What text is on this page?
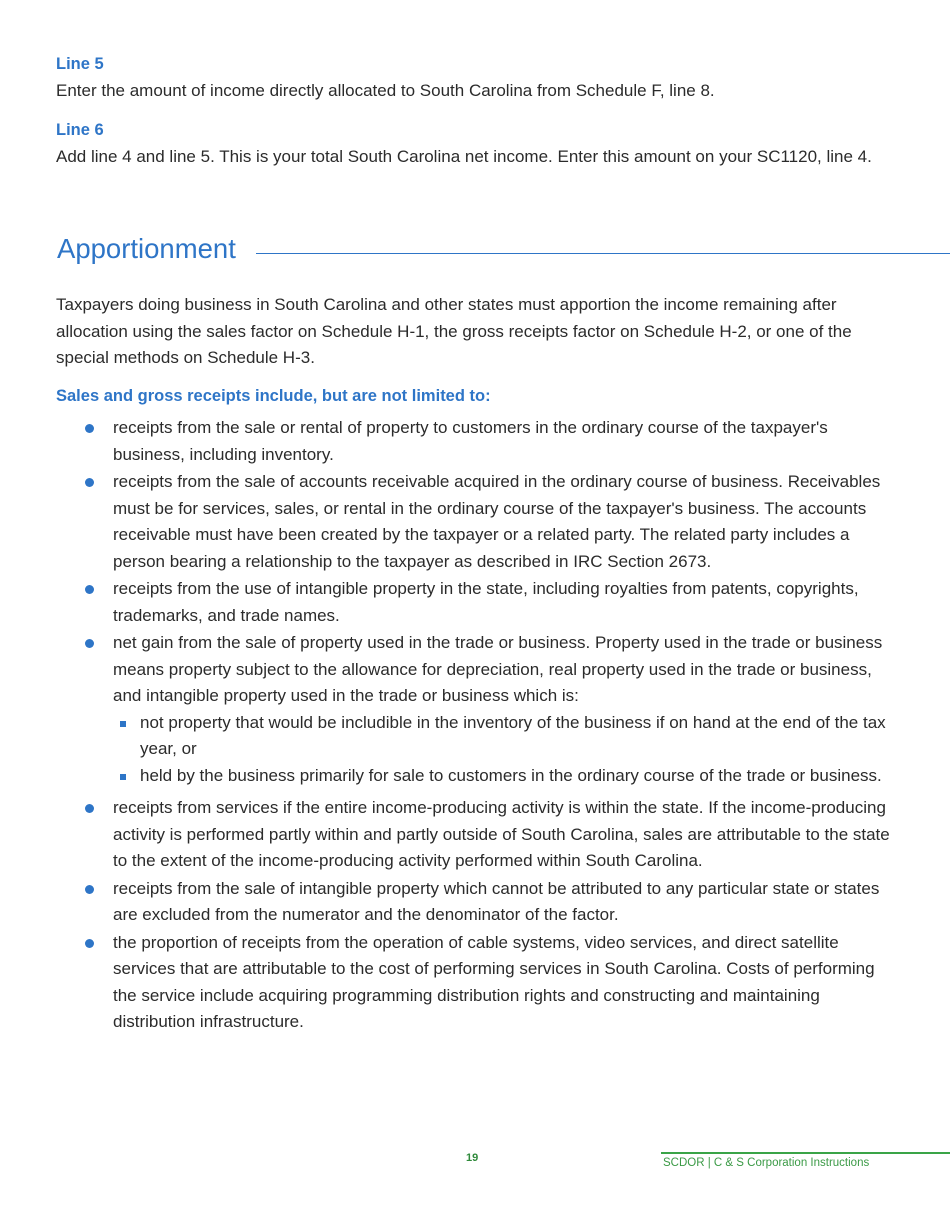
Line 5

Enter the amount of income directly allocated to South Carolina from Schedule F, line 8.

Line 6

Add line 4 and line 5. This is your total South Carolina net income. Enter this amount on your SC1120, line 4.

Apportionment

Taxpayers doing business in South Carolina and other states must apportion the income remaining after allocation using the sales factor on Schedule H-1, the gross receipts factor on Schedule H-2, or one of the special methods on Schedule H-3.

Sales and gross receipts include, but are not limited to:

receipts from the sale or rental of property to customers in the ordinary course of the taxpayer's business, including inventory.
receipts from the sale of accounts receivable acquired in the ordinary course of business. Receivables must be for services, sales, or rental in the ordinary course of the taxpayer's business. The accounts receivable must have been created by the taxpayer or a related party. The related party includes a person bearing a relationship to the taxpayer as described in IRC Section 2673.
receipts from the use of intangible property in the state, including royalties from patents, copyrights, trademarks, and trade names.
net gain from the sale of property used in the trade or business. Property used in the trade or business means property subject to the allowance for depreciation, real property used in the trade or business, and intangible property used in the trade or business which is:
not property that would be includible in the inventory of the business if on hand at the end of the tax year, or
held by the business primarily for sale to customers in the ordinary course of the trade or business.
receipts from services if the entire income-producing activity is within the state. If the income-producing activity is performed partly within and partly outside of South Carolina, sales are attributable to the state to the extent of the income-producing activity performed within South Carolina.
receipts from the sale of intangible property which cannot be attributed to any particular state or states are excluded from the numerator and the denominator of the factor.
the proportion of receipts from the operation of cable systems, video services, and direct satellite services that are attributable to the cost of performing services in South Carolina. Costs of performing the service include acquiring programming distribution rights and constructing and maintaining distribution infrastructure.
19	SCDOR | C & S Corporation Instructions
